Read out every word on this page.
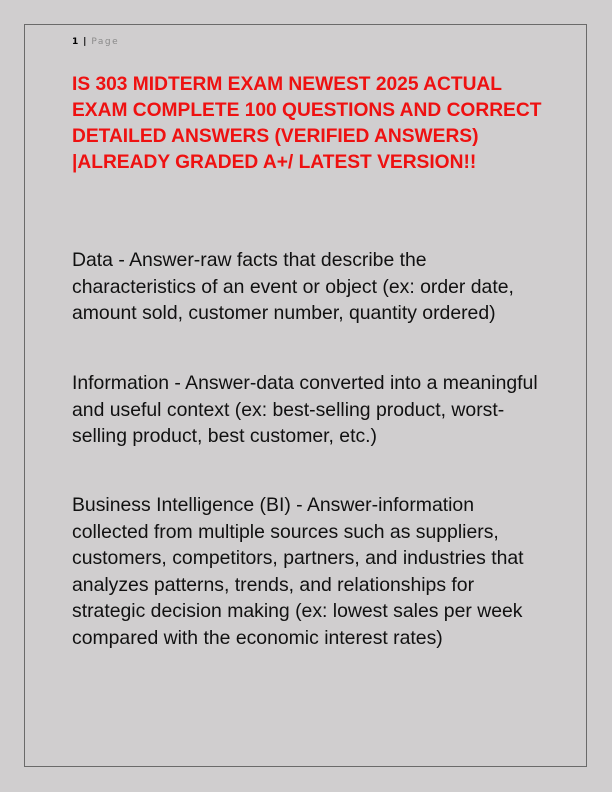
1 | Page
IS 303 MIDTERM EXAM NEWEST 2025 ACTUAL EXAM COMPLETE 100 QUESTIONS AND CORRECT DETAILED ANSWERS (VERIFIED ANSWERS) |ALREADY GRADED A+/ LATEST VERSION!!

Data - Answer-raw facts that describe the characteristics of an event or object (ex: order date, amount sold, customer number, quantity ordered)

Information - Answer-data converted into a meaningful and useful context (ex: best-selling product, worst-selling product, best customer, etc.)

Business Intelligence (BI) - Answer-information collected from multiple sources such as suppliers, customers, competitors, partners, and industries that analyzes patterns, trends, and relationships for strategic decision making (ex: lowest sales per week compared with the economic interest rates)
